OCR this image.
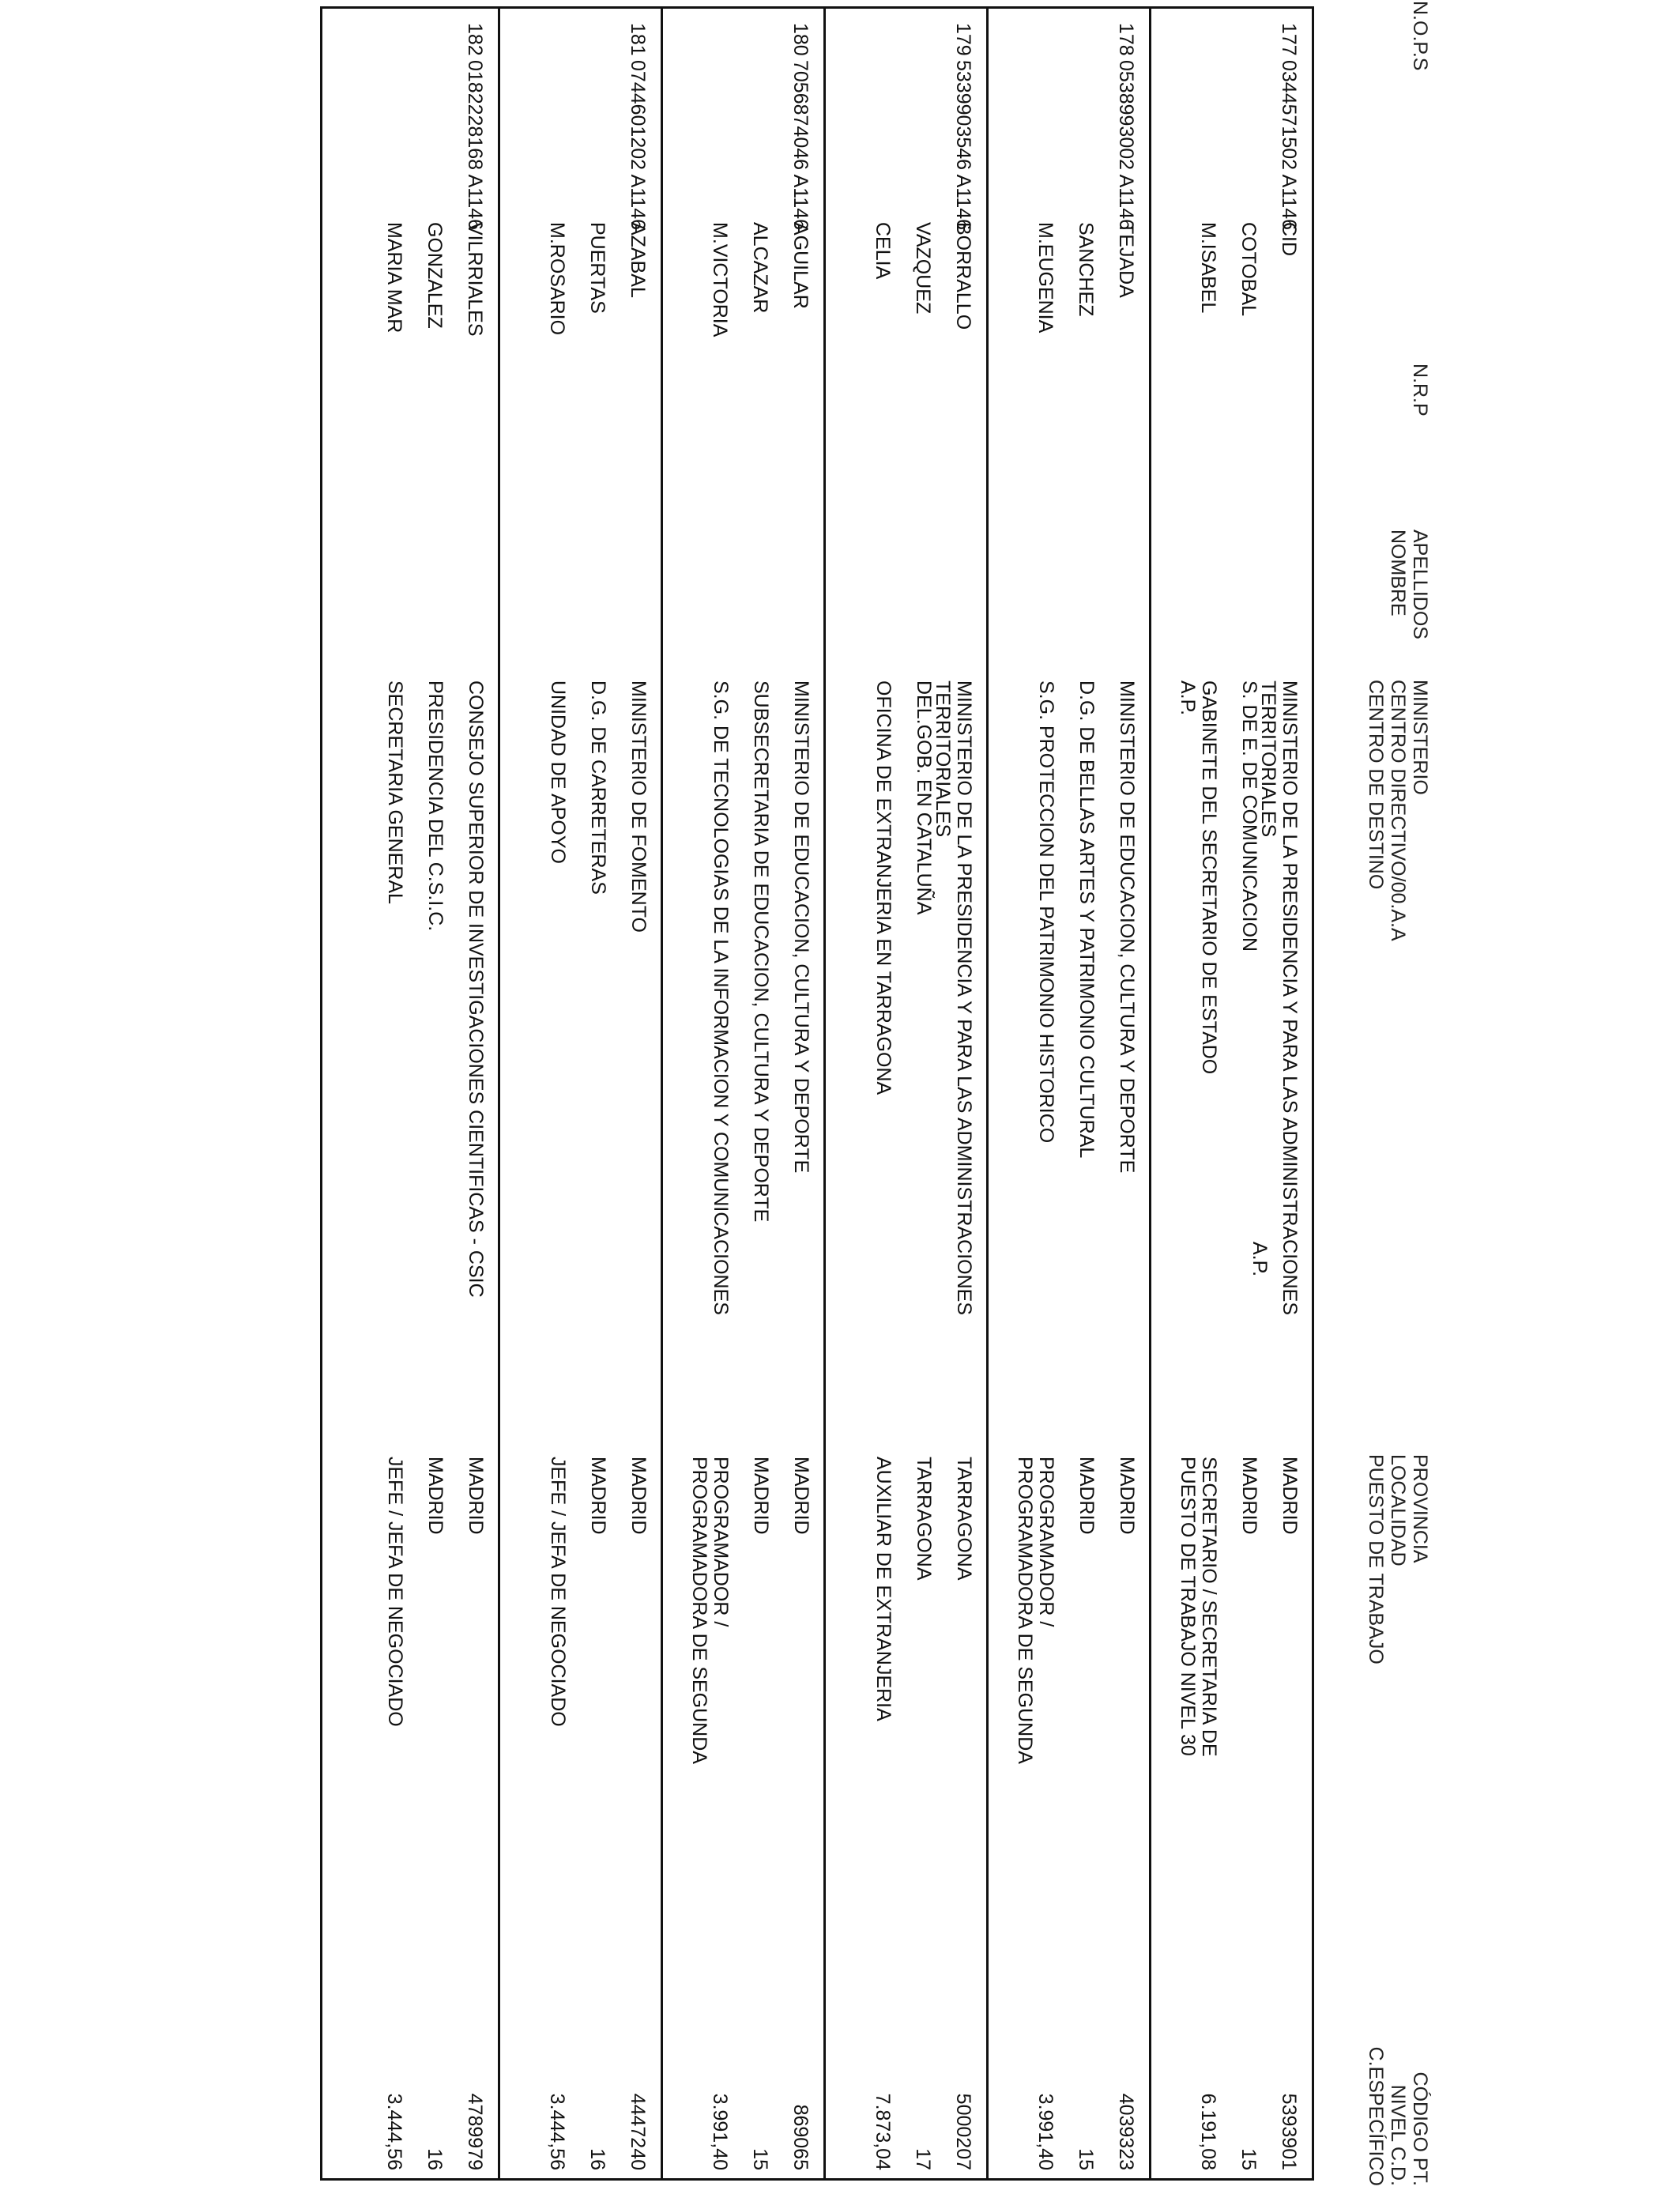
N.O.P.S
N.R.P
APELLIDOS
NOMBRE
MINISTERIO
CENTRO DIRECTIVO/00.A.A
CENTRO DE DESTINO
PROVINCIA
LOCALIDAD
PUESTO DE TRABAJO
CÓDIGO PT.
NIVEL C.D.
C.ESPECÍFICO
177
0344571502 A1146
CID
COTOBAL
M.ISABEL
MINISTERIO DE LA PRESIDENCIA Y PARA LAS ADMINISTRACIONES
TERRITORIALES
S. DE E. DE COMUNICACION
A.P.
GABINETE DEL SECRETARIO DE ESTADO
A.P.
MADRID
MADRID
SECRETARIO / SECRETARIA DE
PUESTO DE TRABAJO NIVEL 30
5393901
15
6.191,08
178
0538993002 A1146
TEJADA
SANCHEZ
M.EUGENIA
MINISTERIO DE EDUCACION, CULTURA Y DEPORTE
D.G. DE BELLAS ARTES Y PATRIMONIO CULTURAL
S.G. PROTECCION DEL PATRIMONIO HISTORICO
MADRID
MADRID
PROGRAMADOR /
PROGRAMADORA DE SEGUNDA
4039323
15
3.991,40
179
5339903546 A1146
BORRALLO
VAZQUEZ
CELIA
MINISTERIO DE LA PRESIDENCIA Y PARA LAS ADMINISTRACIONES
TERRITORIALES
DEL.GOB. EN CATALUÑA
OFICINA DE EXTRANJERIA EN TARRAGONA
TARRAGONA
TARRAGONA
AUXILIAR DE EXTRANJERIA
5000207
17
7.873,04
180
7056874046 A1146
AGUILAR
ALCAZAR
M.VICTORIA
MINISTERIO DE EDUCACION, CULTURA Y DEPORTE
SUBSECRETARIA DE EDUCACION, CULTURA Y DEPORTE
S.G. DE TECNOLOGIAS DE LA INFORMACION Y COMUNICACIONES
MADRID
MADRID
PROGRAMADOR /
PROGRAMADORA DE SEGUNDA
869065
15
3.991,40
181
0744601202 A1146
AZABAL
PUERTAS
M.ROSARIO
MINISTERIO DE FOMENTO
D.G. DE CARRETERAS
UNIDAD DE APOYO
MADRID
MADRID
JEFE / JEFA DE NEGOCIADO
4447240
16
3.444,56
182
0182228168 A1146
VILRRIALES
GONZALEZ
MARIA MAR
CONSEJO SUPERIOR DE INVESTIGACIONES CIENTIFICAS - CSIC
PRESIDENCIA DEL C.S.I.C.
SECRETARIA GENERAL
MADRID
MADRID
JEFE / JEFA DE NEGOCIADO
4789979
16
3.444,56
